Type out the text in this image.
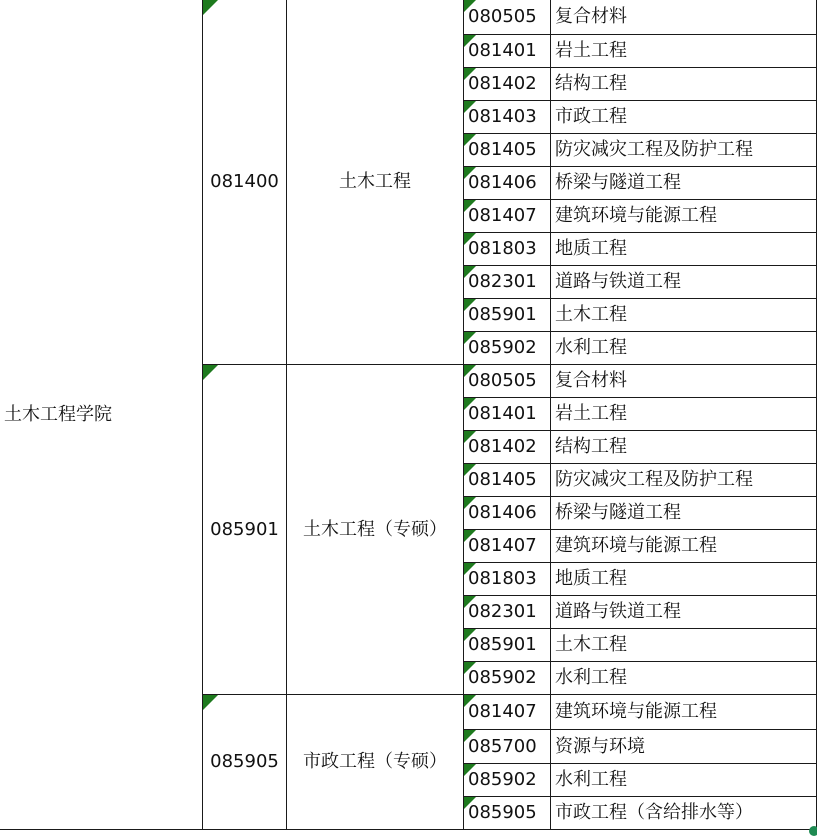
土木工程学院
081400	土木工程
080505 复合材料
081401 岩土工程
081402 结构工程
081403 市政工程
081405 防灾减灾工程及防护工程
081406 桥梁与隧道工程
081407 建筑环境与能源工程
081803 地质工程
082301 道路与铁道工程
085901 土木工程
085902 水利工程
085901 土木工程（专硕）
080505 复合材料
081401 岩土工程
081402 结构工程
081405 防灾减灾工程及防护工程
081406 桥梁与隧道工程
081407 建筑环境与能源工程
081803 地质工程
082301 道路与铁道工程
085901 土木工程
085902 水利工程
085905 市政工程（专硕）
081407 建筑环境与能源工程
085700 资源与环境
085902 水利工程
085905 市政工程（含给排水等）
